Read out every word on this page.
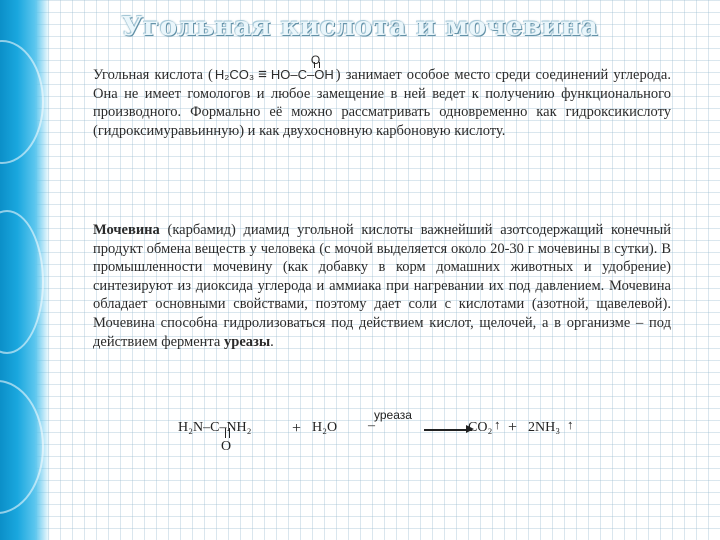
Угольная кислота и мочевина
Угольная кислота ( H₂CO₃ ≡ HO–C–OH
O
) занимает особое место среди соединений углерода. Она не имеет гомологов и любое замещение в ней ведет к получению функционального производного. Формально её можно рассматривать одновременно как гидроксикислоту (гидроксимуравьинную) и как двухосновную карбоновую кислоту.
Мочевина (карбамид) диамид угольной кислоты важнейший азотсодержащий конечный продукт обмена веществ у человека (с мочой выделяется около 20-30 г мочевины в сутки). В промышленности мочевину (как добавку в корм домашних животных и удобрение) синтезируют из диоксида углерода и аммиака при нагревании их под давлением. Мочевина обладает основными свойствами, поэтому дает соли с кислотами (азотной, щавелевой). Мочевина способна гидролизоваться под действием кислот, щелочей, а в организме – под действием фермента уреазы.
H₂N–C–NH₂
O
+ H₂O –
уреаза
CO₂ ↑ + 2NH₃ ↑
